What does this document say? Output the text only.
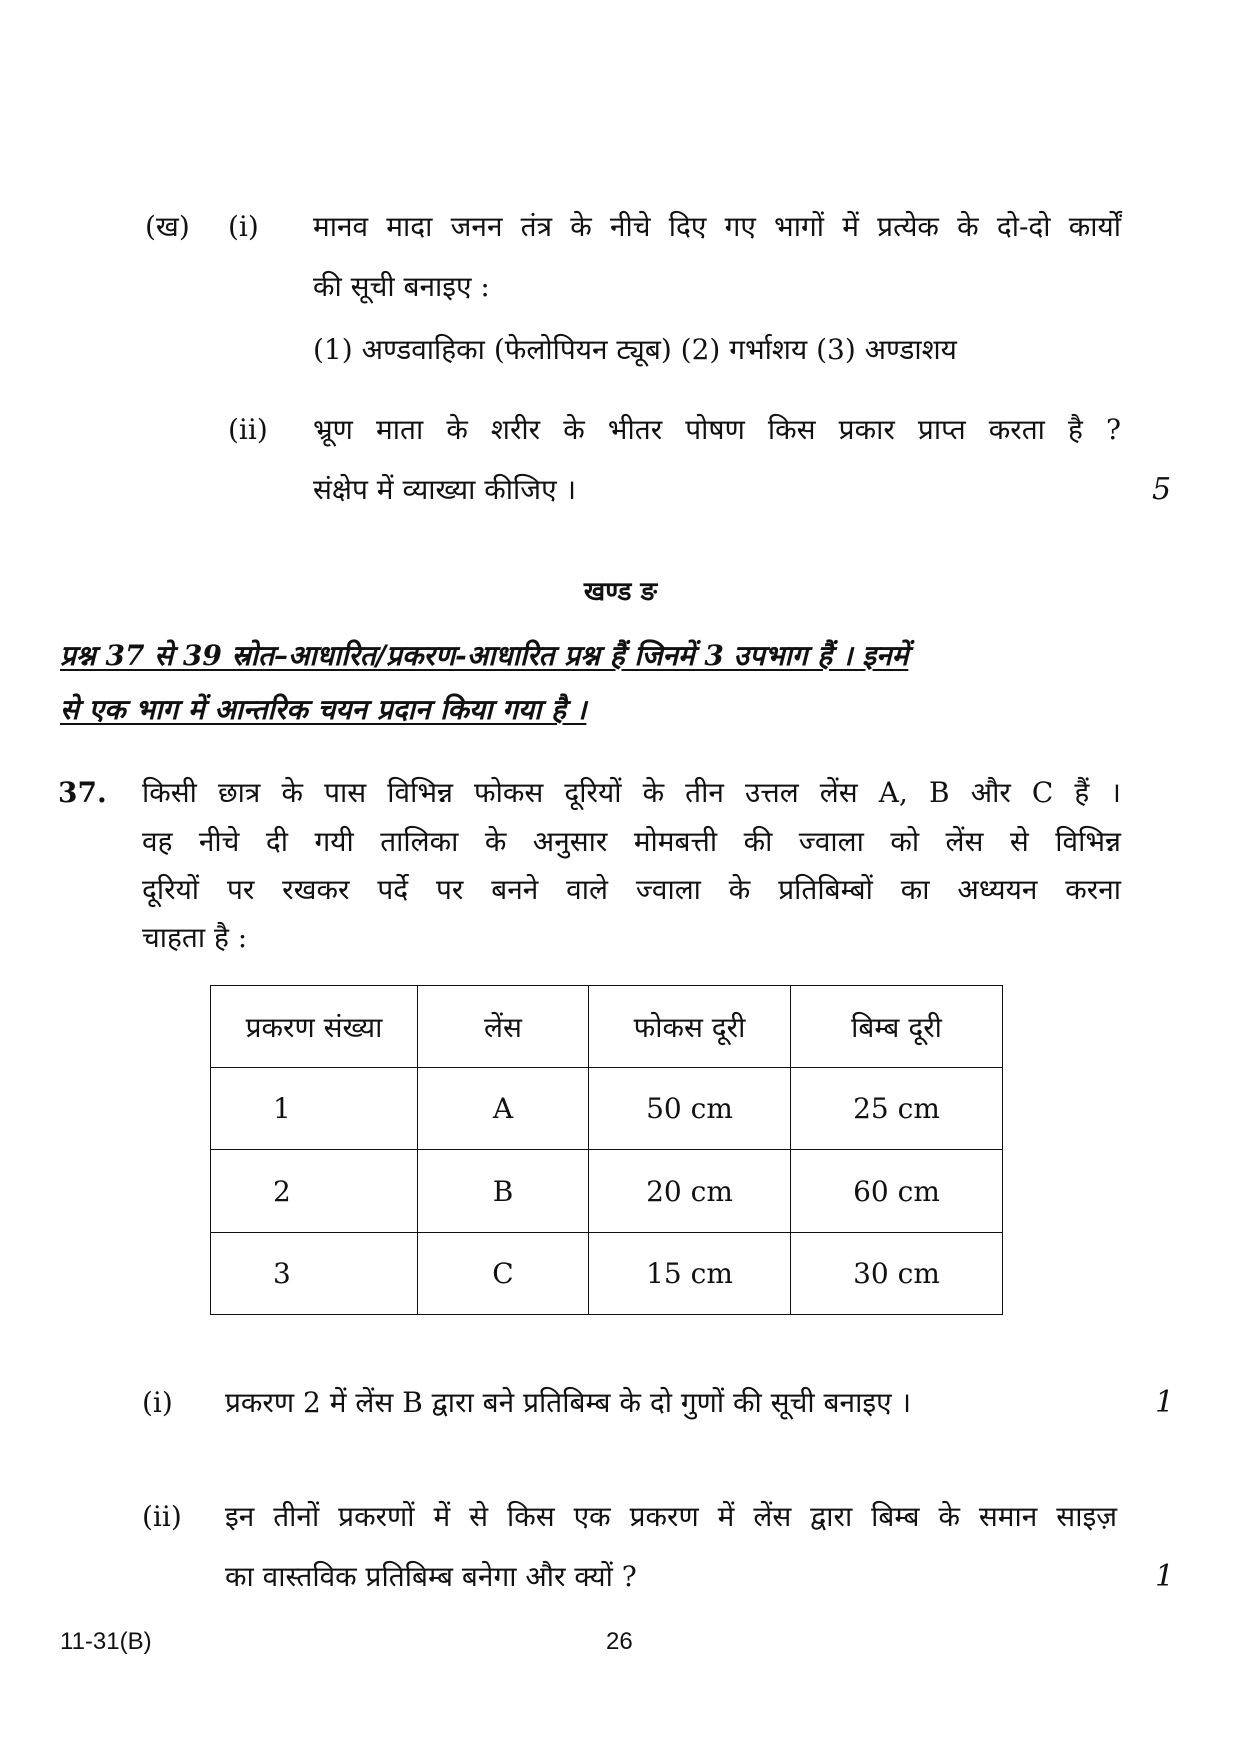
(ख) (i) मानव मादा जनन तंत्र के नीचे दिए गए भागों में प्रत्येक के दो-दो कार्यों
की सूची बनाइए :
(1) अण्डवाहिका (फेलोपियन ट्यूब) (2) गर्भाशय (3) अण्डाशय
(ii) भ्रूण माता के शरीर के भीतर पोषण किस प्रकार प्राप्त करता है ?
संक्षेप में व्याख्या कीजिए ।	5
खण्ड ङ
प्रश्न 37 से 39 स्रोत–आधारित/प्रकरण-आधारित प्रश्न हैं जिनमें 3 उपभाग हैं । इनमें
से एक भाग में आन्तरिक चयन प्रदान किया गया है ।
37. किसी छात्र के पास विभिन्न फोकस दूरियों के तीन उत्तल लेंस A, B और C हैं ।
वह नीचे दी गयी तालिका के अनुसार मोमबत्ती की ज्वाला को लेंस से विभिन्न
दूरियों पर रखकर पर्दे पर बनने वाले ज्वाला के प्रतिबिम्बों का अध्ययन करना
चाहता है :
प्रकरण संख्या	लेंस	फोकस दूरी	बिम्ब दूरी
1	A	50 cm	25 cm
2	B	20 cm	60 cm
3	C	15 cm	30 cm
(i) प्रकरण 2 में लेंस B द्वारा बने प्रतिबिम्ब के दो गुणों की सूची बनाइए ।	1
(ii) इन तीनों प्रकरणों में से किस एक प्रकरण में लेंस द्वारा बिम्ब के समान साइज़
का वास्तविक प्रतिबिम्ब बनेगा और क्यों ?	1
11-31(B)	26
